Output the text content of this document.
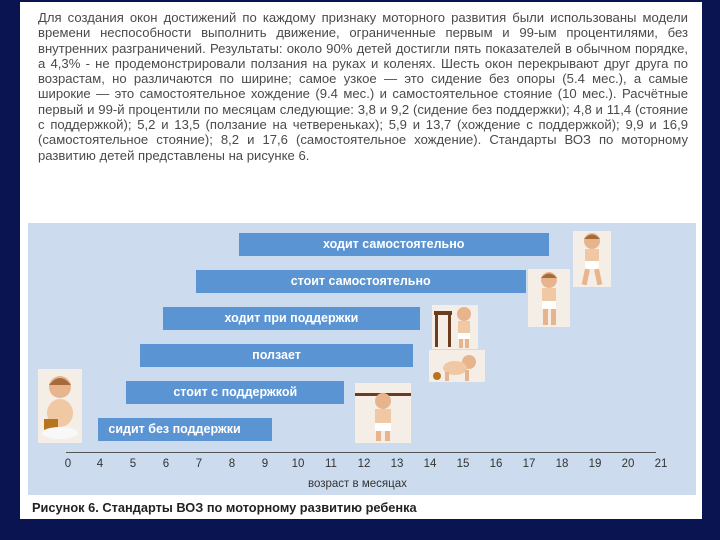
Для создания окон достижений по каждому признаку моторного развития были использованы модели времени неспособности выполнить движение, ограниченные первым и 99-ым процентилями, без внутренних разграничений. Результаты: около 90% детей достигли пять показателей в обычном порядке, а 4,3% - не продемонстрировали ползания на руках и коленях. Шесть окон перекрывают друг друга по возрастам, но различаются по ширине; самое узкое — это сидение без опоры (5.4 мес.), а самые широкие — это самостоятельное хождение (9.4 мес.) и самостоятельное стояние (10 мес.). Расчётные первый и 99-й процентили по месяцам следующие: 3,8 и 9,2 (сидение без поддержки); 4,8 и 11,4 (стояние с поддержкой); 5,2 и 13,5 (ползание на четвереньках); 5,9 и 13,7 (хождение с поддержкой); 9,9 и 16,9 (самостоятельное стояние); 8,2 и 17,6 (самостоятельное хождение). Стандарты ВОЗ по моторному развитию детей представлены на рисунке 6.
ходит самостоятельно
стоит самостоятельно
ходит при поддержки
ползает
стоит с поддержкой
сидит без поддержки
0	4	5	6	7	8	9	10	11	12	13	14	15	16	17	18	19	20	21
возраст в месяцах
Рисунок 6. Стандарты ВОЗ по моторному развитию ребенка
